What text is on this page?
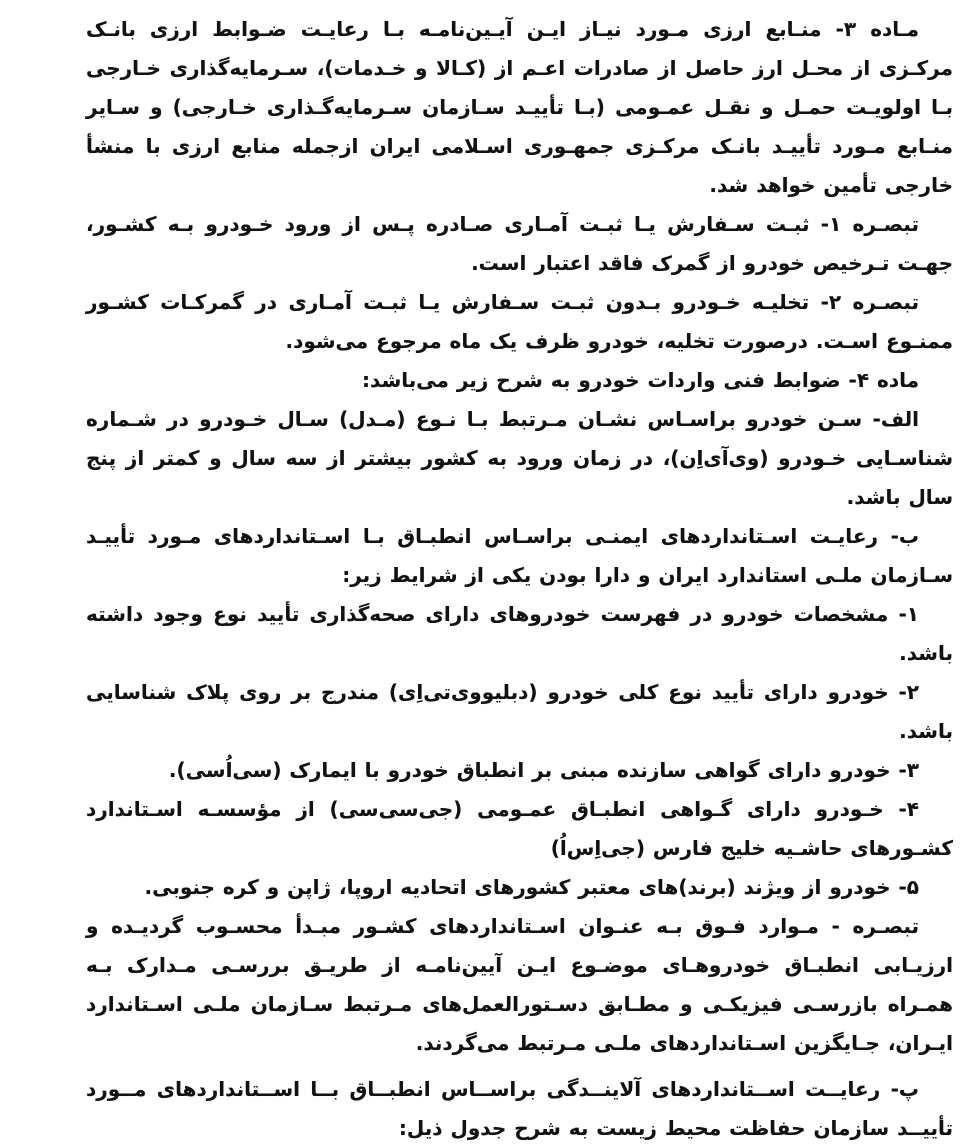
مـاده ۳- منـابع ارزی مـورد نیـاز ایـن آیـین‌نامـه بـا رعایـت ضـوابط ارزی بانـک مرکـزی از محـل ارز حاصل از صادرات اعـم از (کـالا و خـدمات)، سـرمایه‌گذاری خـارجی بـا اولویـت حمـل و نقـل عمـومی (بـا تأییـد سـازمان سـرمایه‌گـذاری خـارجی) و سـایر منـابع مـورد تأییـد بانـک مرکـزی جمهـوری اسـلامی ایران ازجمله منابع ارزی با منشأ خارجی تأمین خواهد شد.

تبصـره ۱- ثبـت سـفارش یـا ثبـت آمـاری صـادره پـس از ورود خـودرو بـه کشـور، جهـت تـرخیص خودرو از گمرک فاقد اعتبار است.

تبصـره ۲- تخلیـه خـودرو بـدون ثبـت سـفارش یـا ثبـت آمـاری در گمرکـات کشـور ممنـوع اسـت. درصورت تخلیه، خودرو ظرف یک ماه مرجوع می‌شود.

ماده ۴- ضوابط فنی واردات خودرو به شرح زیر می‌باشد:

الف- سـن خودرو براسـاس نشـان مـرتبط بـا نـوع (مـدل) سـال خـودرو در شـماره شناسـایی خـودرو (وی‌آی‌اِن)، در زمان ورود به کشور بیشتر از سه سال و کمتر از پنج سال باشد.

ب- رعایـت اسـتانداردهای ایمنـی براسـاس انطبـاق بـا اسـتانداردهای مـورد تأییـد سـازمان ملـی استاندارد ایران و دارا بودن یکی از شرایط زیر:

۱- مشخصات خودرو در فهرست خودروهای دارای صحه‌گذاری تأیید نوع وجود داشته باشد.

۲- خودرو دارای تأیید نوع کلی خودرو (دبلیووی‌تی‌اِی) مندرج بر روی پلاک شناسایی باشد.

۳- خودرو دارای گواهی سازنده مبنی بر انطباق خودرو با ایمارک (سی‌اُسی).

۴- خـودرو دارای گـواهی انطبـاق عمـومی (جی‌سی‌سی) از مؤسسـه اسـتاندارد کشـورهای حاشـیه خلیج فارس (جی‌اِس‌اُ)

۵- خودرو از ویژند (برند)های معتبر کشورهای اتحادیه اروپا، ژاپن و کره جنوبی.

تبصـره - مـوارد فـوق بـه عنـوان اسـتانداردهای کشـور مبـدأ محسـوب گردیـده و ارزیـابی انطبـاق خودروهـای موضـوع ایـن آیین‌نامـه از طریـق بررسـی مـدارک بـه همـراه بازرسـی فیزیکـی و مطـابق دسـتورالعمل‌های مـرتبط سـازمان ملـی اسـتاندارد ایـران، جـایگزین اسـتانداردهای ملـی مـرتبط می‌گردند.

پ- رعایــت اســتانداردهای آلاینــدگی براســاس انطبــاق بــا اســتانداردهای مــورد تأییــد سازمان حفاظت محیط زیست به شرح جدول ذیل:
